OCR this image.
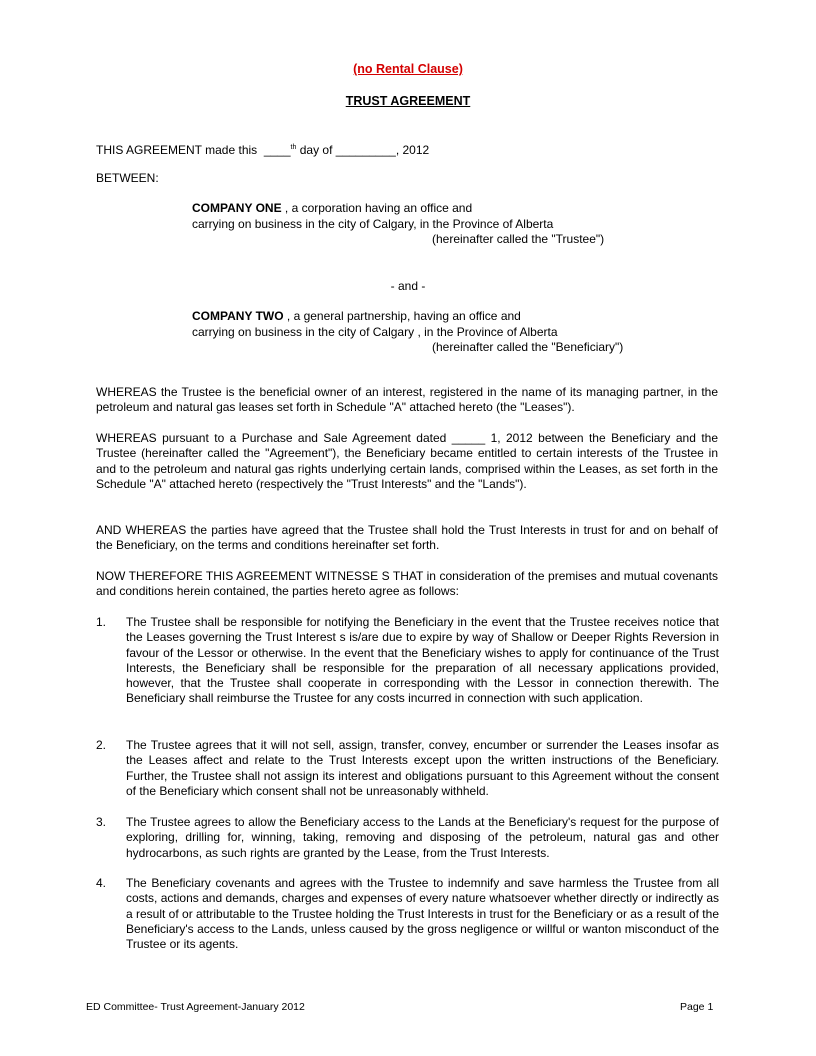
(no Rental Clause)
TRUST AGREEMENT
THIS AGREEMENT made this ____$^{th}$ day of _________, 2012
BETWEEN:
COMPANY ONE , a corporation having an office and
carrying on business in the city of Calgary, in the Province of Alberta
(hereinafter called the "Trustee")
- and -
COMPANY TWO , a general partnership, having an office and
carrying on business in the city of Calgary , in the Province of Alberta
(hereinafter called the "Beneficiary")
WHEREAS the Trustee is the beneficial owner of an interest, registered in the name of its managing partner, in the petroleum and natural gas leases set forth in Schedule "A" attached hereto (the "Leases").
WHEREAS pursuant to a Purchase and Sale Agreement dated _____ 1, 2012 between the Beneficiary and the Trustee (hereinafter called the "Agreement"), the Beneficiary became entitled to certain interests of the Trustee in and to the petroleum and natural gas rights underlying certain lands, comprised within the Leases, as set forth in the Schedule "A" attached hereto (respectively the "Trust Interests" and the "Lands").
AND WHEREAS the parties have agreed that the Trustee shall hold the Trust Interests in trust for and on behalf of the Beneficiary, on the terms and conditions hereinafter set forth.
NOW THEREFORE THIS AGREEMENT WITNESSE S THAT in consideration of the premises and mutual covenants and conditions herein contained, the parties hereto agree as follows:
1. The Trustee shall be responsible for notifying the Beneficiary in the event that the Trustee receives notice that the Leases governing the Trust Interest s is/are due to expire by way of Shallow or Deeper Rights Reversion in favour of the Lessor or otherwise. In the event that the Beneficiary wishes to apply for continuance of the Trust Interests, the Beneficiary shall be responsible for the preparation of all necessary applications provided, however, that the Trustee shall cooperate in corresponding with the Lessor in connection therewith. The Beneficiary shall reimburse the Trustee for any costs incurred in connection with such application.
2. The Trustee agrees that it will not sell, assign, transfer, convey, encumber or surrender the Leases insofar as the Leases affect and relate to the Trust Interests except upon the written instructions of the Beneficiary. Further, the Trustee shall not assign its interest and obligations pursuant to this Agreement without the consent of the Beneficiary which consent shall not be unreasonably withheld.
3. The Trustee agrees to allow the Beneficiary access to the Lands at the Beneficiary's request for the purpose of exploring, drilling for, winning, taking, removing and disposing of the petroleum, natural gas and other hydrocarbons, as such rights are granted by the Lease, from the Trust Interests.
4. The Beneficiary covenants and agrees with the Trustee to indemnify and save harmless the Trustee from all costs, actions and demands, charges and expenses of every nature whatsoever whether directly or indirectly as a result of or attributable to the Trustee holding the Trust Interests in trust for the Beneficiary or as a result of the Beneficiary's access to the Lands, unless caused by the gross negligence or willful or wanton misconduct of the Trustee or its agents.
ED Committee- Trust Agreement-January 2012	Page 1
